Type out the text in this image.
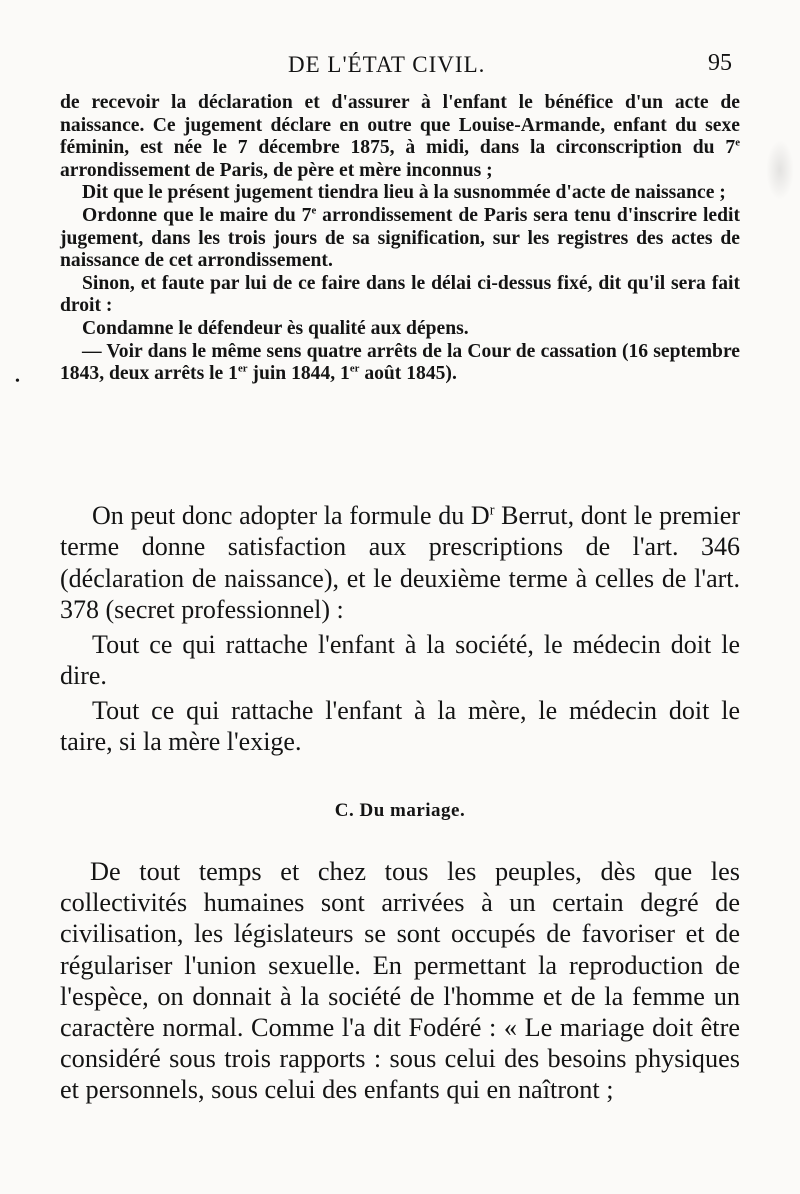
DE L'ÉTAT CIVIL.	95
•

de recevoir la déclaration et d'assurer à l'enfant le bénéfice d'un acte de naissance. Ce jugement déclare en outre que Louise-Armande, enfant du sexe féminin, est née le 7 décembre 1875, à midi, dans la circonscription du 7e arrondissement de Paris, de père et mère inconnus ;

Dit que le présent jugement tiendra lieu à la susnommée d'acte de naissance ;

Ordonne que le maire du 7e arrondissement de Paris sera tenu d'inscrire ledit jugement, dans les trois jours de sa signification, sur les registres des actes de naissance de cet arrondissement.

Sinon, et faute par lui de ce faire dans le délai ci-dessus fixé, dit qu'il sera fait droit :

Condamne le défendeur ès qualité aux dépens.

— Voir dans le même sens quatre arrêts de la Cour de cassation (16 septembre 1843, deux arrêts le 1er juin 1844, 1er août 1845).

On peut donc adopter la formule du $D^r$ Berrut, dont le premier terme donne satisfaction aux prescriptions de l'art. 346 (déclaration de naissance), et le deuxième terme à celles de l'art. 378 (secret professionnel) :

Tout ce qui rattache l'enfant à la société, le médecin doit le dire.

Tout ce qui rattache l'enfant à la mère, le médecin doit le taire, si la mère l'exige.

C. Du mariage.

De tout temps et chez tous les peuples, dès que les collectivités humaines sont arrivées à un certain degré de civilisation, les législateurs se sont occupés de favoriser et de régulariser l'union sexuelle. En permettant la reproduction de l'espèce, on donnait à la société de l'homme et de la femme un caractère normal. Comme l'a dit Fodéré : « Le mariage doit être considéré sous trois rapports : sous celui des besoins physiques et personnels, sous celui des enfants qui en naîtront ;
